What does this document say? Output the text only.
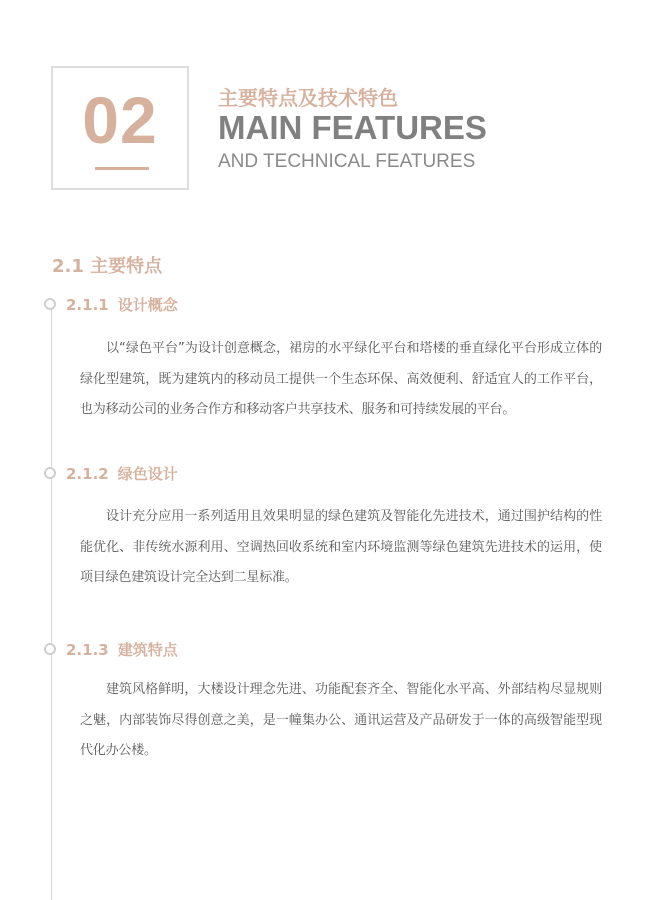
02	主要特点及技术特色
MAIN FEATURES
AND TECHNICAL FEATURES
2.1 主要特点
2.1.1 设计概念

以“绿色平台”为设计创意概念，裙房的水平绿化平台和塔楼的垂直绿化平台形成立体的绿化型建筑，既为建筑内的移动员工提供一个生态环保、高效便利、舒适宜人的工作平台，也为移动公司的业务合作方和移动客户共享技术、服务和可持续发展的平台。

2.1.2 绿色设计

设计充分应用一系列适用且效果明显的绿色建筑及智能化先进技术，通过围护结构的性能优化、非传统水源利用、空调热回收系统和室内环境监测等绿色建筑先进技术的运用，使项目绿色建筑设计完全达到二星标准。

2.1.3 建筑特点

建筑风格鲜明，大楼设计理念先进、功能配套齐全、智能化水平高、外部结构尽显规则之魅，内部装饰尽得创意之美，是一幢集办公、通讯运营及产品研发于一体的高级智能型现代化办公楼。
